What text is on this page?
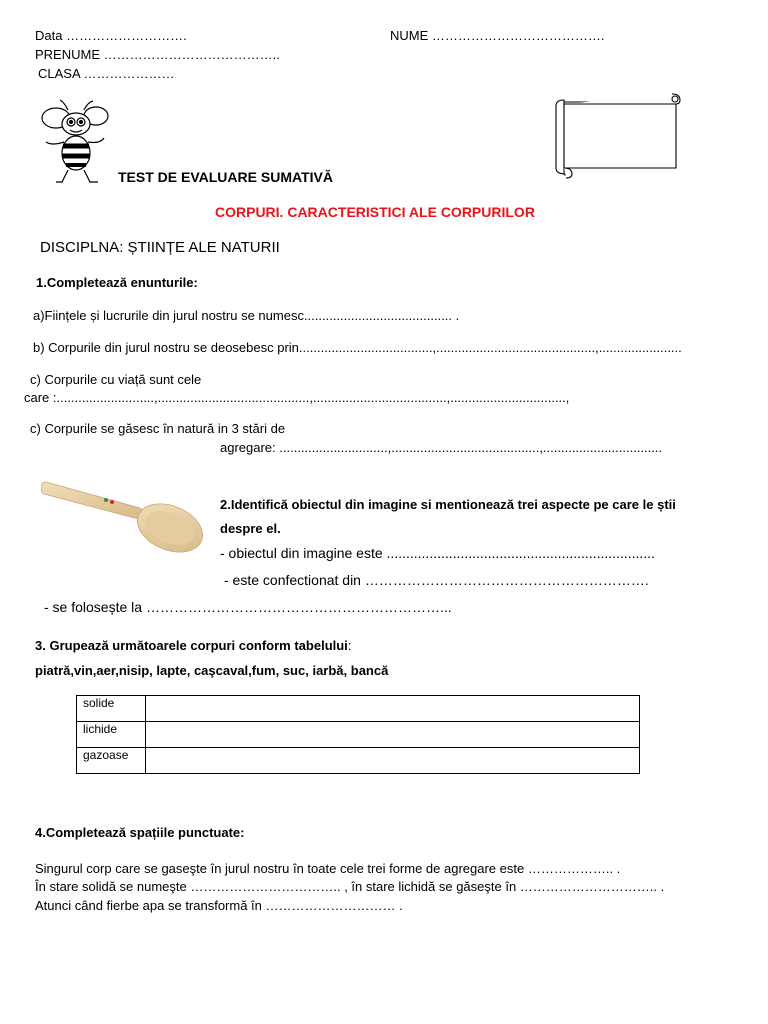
Data ……………………….	NUME ………………………………….
PRENUME …………………………………..
CLASA …………………
TEST DE EVALUARE SUMATIVĂ
CORPURI. CARACTERISTICI ALE CORPURILOR
DISCIPLNA: ȘTIINȚE ALE NATURII
1.Completează enunturile:
a)Ființele și lucrurile din jurul nostru se numesc......................................... .
b) Corpurile din jurul nostru se deosebesc prin.....................................,............................................,.......................
c) Corpurile cu viață sunt cele
care :...........................,..........................................,.....................................,................................,
c) Corpurile se găsesc în natură in 3 stări de
agregare: ..............................,.........................................,.................................
2.Identifică obiectul din imagine si mentionează trei aspecte pe care le știi
despre el.
- obiectul din imagine este .....................................................................
- este confectionat din …………………………………………………….
- se folosește la ………………………………………………………...
3. Grupează următoarele corpuri conform tabelului:
piatră,vin,aer,nisip, lapte, caşcaval,fum, suc, iarbă, bancă
solide	
lichide	
gazoase	
4.Completează spațiile punctuate:
Singurul corp care se gaseşte în jurul nostru în toate cele trei forme de agregare este ……………….. .
În stare solidă se numeşte …………………………….. , în stare lichidă se găseşte în ………………………….. .
Atunci când fierbe apa se transformă în ………………………… .
